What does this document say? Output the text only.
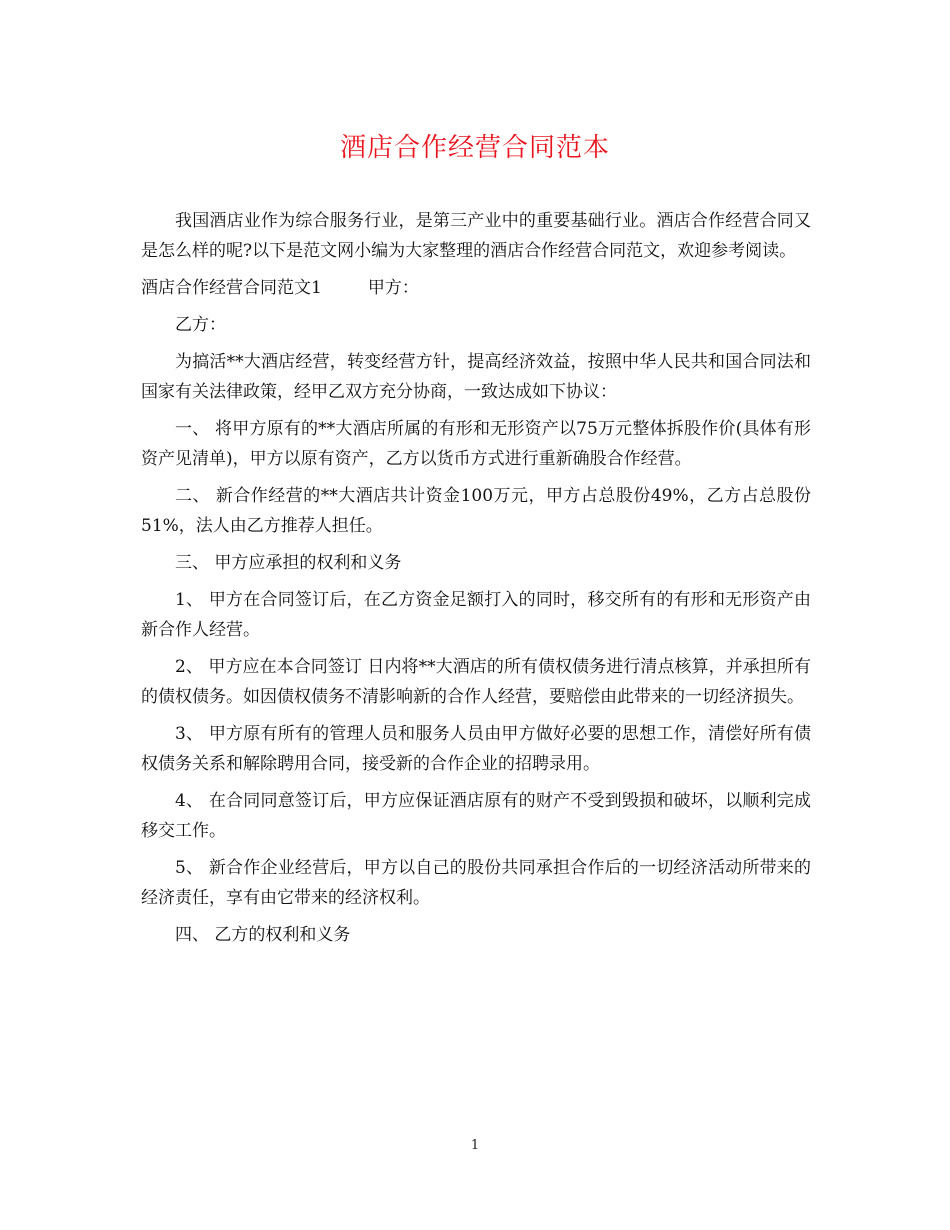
酒店合作经营合同范本

我国酒店业作为综合服务行业，是第三产业中的重要基础行业。酒店合作经营合同又是怎么样的呢?以下是范文网小编为大家整理的酒店合作经营合同范文，欢迎参考阅读。

酒店合作经营合同范文1	甲方：

乙方：

为搞活**大酒店经营，转变经营方针，提高经济效益，按照中华人民共和国合同法和国家有关法律政策，经甲乙双方充分协商，一致达成如下协议：

一、 将甲方原有的**大酒店所属的有形和无形资产以75万元整体拆股作价(具体有形资产见清单)，甲方以原有资产，乙方以货币方式进行重新确股合作经营。

二、 新合作经营的**大酒店共计资金100万元，甲方占总股份49%，乙方占总股份51%，法人由乙方推荐人担任。

三、 甲方应承担的权利和义务

1、 甲方在合同签订后，在乙方资金足额打入的同时，移交所有的有形和无形资产由新合作人经营。

2、 甲方应在本合同签订 日内将**大酒店的所有债权债务进行清点核算，并承担所有的债权债务。如因债权债务不清影响新的合作人经营，要赔偿由此带来的一切经济损失。

3、 甲方原有所有的管理人员和服务人员由甲方做好必要的思想工作，清偿好所有债权债务关系和解除聘用合同，接受新的合作企业的招聘录用。

4、 在合同同意签订后，甲方应保证酒店原有的财产不受到毁损和破坏，以顺利完成移交工作。

5、 新合作企业经营后，甲方以自己的股份共同承担合作后的一切经济活动所带来的经济责任，享有由它带来的经济权利。

四、 乙方的权利和义务

1
